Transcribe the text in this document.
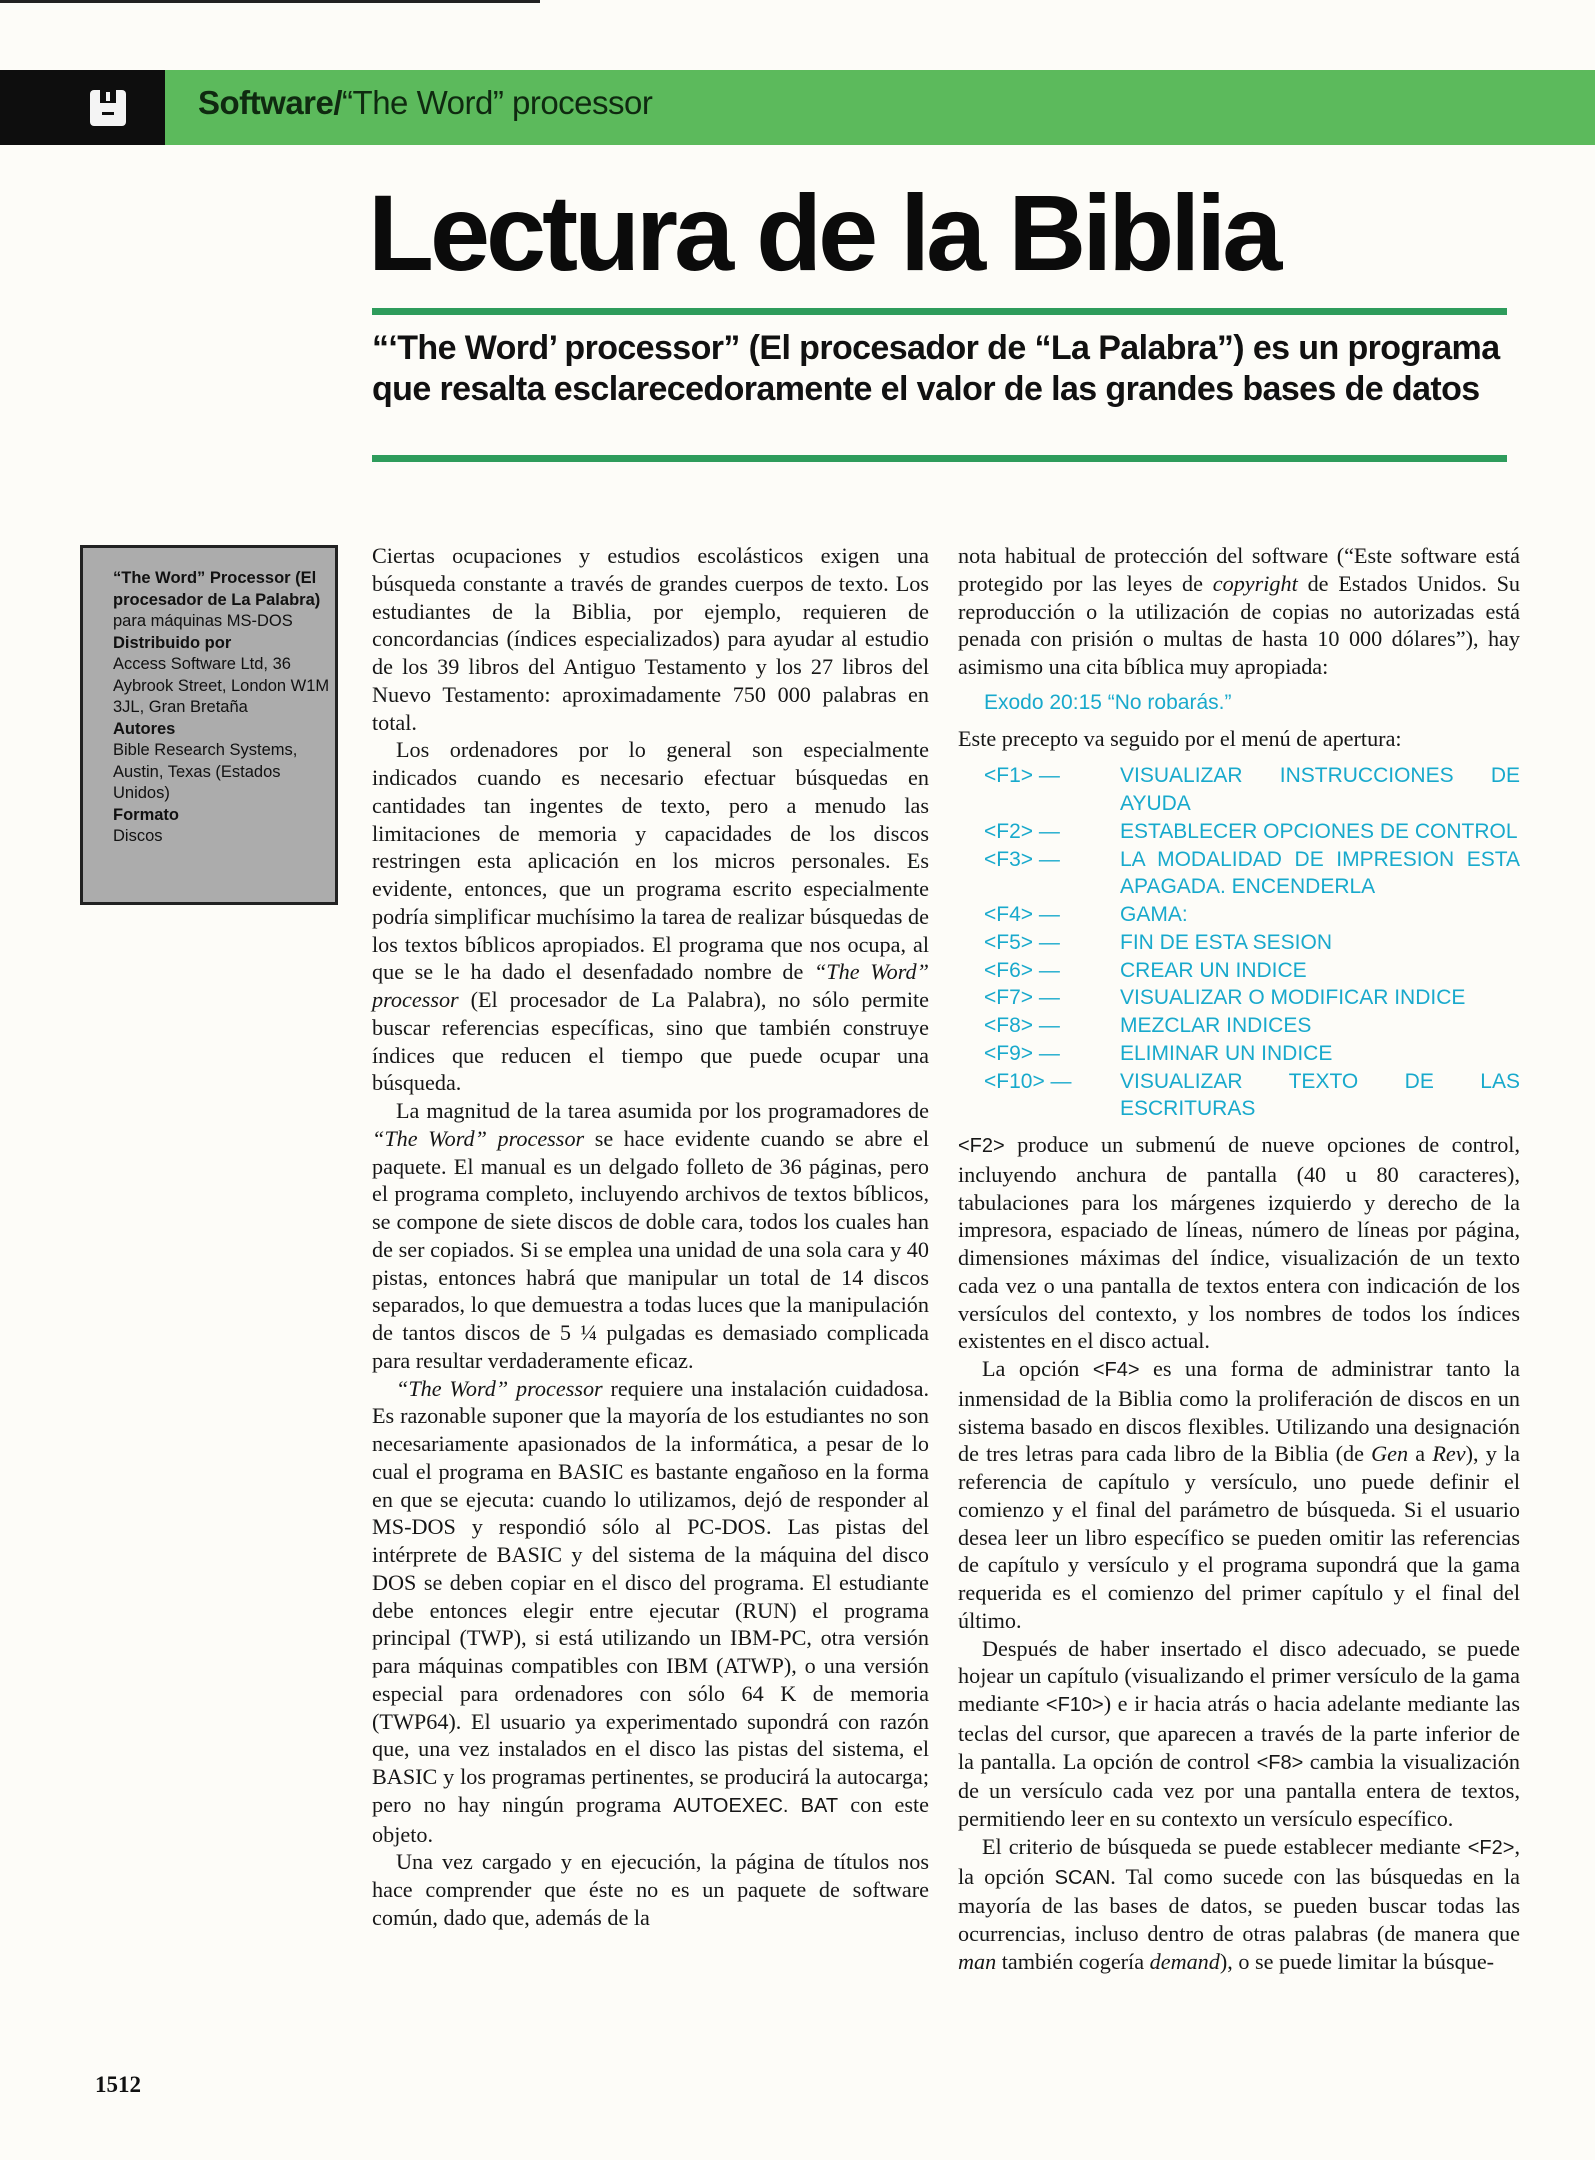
Software/“The Word” processor
Lectura de la Biblia
“‘The Word’ processor” (El procesador de “La Palabra”) es un programa que resalta esclarecedoramente el valor de las grandes bases de datos
“The Word” Processor (El procesador de La Palabra)
para máquinas MS-DOS
Distribuido por
Access Software Ltd, 36 Aybrook Street, London W1M 3JL, Gran Bretaña
Autores
Bible Research Systems, Austin, Texas (Estados Unidos)
Formato
Discos

Ciertas ocupaciones y estudios escolásticos exigen una búsqueda constante a través de grandes cuerpos de texto. Los estudiantes de la Biblia, por ejemplo, requieren de concordancias (índices especializados) para ayudar al estudio de los 39 libros del Antiguo Testamento y los 27 libros del Nuevo Testamento: aproximadamente 750 000 palabras en total.

Los ordenadores por lo general son especialmente indicados cuando es necesario efectuar búsquedas en cantidades tan ingentes de texto, pero a menudo las limitaciones de memoria y capacidades de los discos restringen esta aplicación en los micros personales. Es evidente, entonces, que un programa escrito especialmente podría simplificar muchísimo la tarea de realizar búsquedas de los textos bíblicos apropiados. El programa que nos ocupa, al que se le ha dado el desenfadado nombre de “The Word” processor (El procesador de La Palabra), no sólo permite buscar referencias específicas, sino que también construye índices que reducen el tiempo que puede ocupar una búsqueda.

La magnitud de la tarea asumida por los programadores de “The Word” processor se hace evidente cuando se abre el paquete. El manual es un delgado folleto de 36 páginas, pero el programa completo, incluyendo archivos de textos bíblicos, se compone de siete discos de doble cara, todos los cuales han de ser copiados. Si se emplea una unidad de una sola cara y 40 pistas, entonces habrá que manipular un total de 14 discos separados, lo que demuestra a todas luces que la manipulación de tantos discos de 5 ¼ pulgadas es demasiado complicada para resultar verdaderamente eficaz.

“The Word” processor requiere una instalación cuidadosa. Es razonable suponer que la mayoría de los estudiantes no son necesariamente apasionados de la informática, a pesar de lo cual el programa en BASIC es bastante engañoso en la forma en que se ejecuta: cuando lo utilizamos, dejó de responder al MS-DOS y respondió sólo al PC-DOS. Las pistas del intérprete de BASIC y del sistema de la máquina del disco DOS se deben copiar en el disco del programa. El estudiante debe entonces elegir entre ejecutar (RUN) el programa principal (TWP), si está utilizando un IBM-PC, otra versión para máquinas compatibles con IBM (ATWP), o una versión especial para ordenadores con sólo 64 K de memoria (TWP64). El usuario ya experimentado supondrá con razón que, una vez instalados en el disco las pistas del sistema, el BASIC y los programas pertinentes, se producirá la autocarga; pero no hay ningún programa AUTOEXEC. BAT con este objeto.

Una vez cargado y en ejecución, la página de títulos nos hace comprender que éste no es un paquete de software común, dado que, además de la

nota habitual de protección del software (“Este software está protegido por las leyes de copyright de Estados Unidos. Su reproducción o la utilización de copias no autorizadas está penada con prisión o multas de hasta 10 000 dólares”), hay asimismo una cita bíblica muy apropiada:

Exodo 20:15 “No robarás.”

Este precepto va seguido por el menú de apertura:

<F1> —	VISUALIZAR INSTRUCCIONES DE AYUDA
<F2> —	ESTABLECER OPCIONES DE CONTROL
<F3> —	LA MODALIDAD DE IMPRESION ESTA APAGADA. ENCENDERLA
<F4> —	GAMA:
<F5> —	FIN DE ESTA SESION
<F6> —	CREAR UN INDICE
<F7> —	VISUALIZAR O MODIFICAR INDICE
<F8> —	MEZCLAR INDICES
<F9> —	ELIMINAR UN INDICE
<F10> —	VISUALIZAR TEXTO DE LAS ESCRITURAS

<F2> produce un submenú de nueve opciones de control, incluyendo anchura de pantalla (40 u 80 caracteres), tabulaciones para los márgenes izquierdo y derecho de la impresora, espaciado de líneas, número de líneas por página, dimensiones máximas del índice, visualización de un texto cada vez o una pantalla de textos entera con indicación de los versículos del contexto, y los nombres de todos los índices existentes en el disco actual.

La opción <F4> es una forma de administrar tanto la inmensidad de la Biblia como la proliferación de discos en un sistema basado en discos flexibles. Utilizando una designación de tres letras para cada libro de la Biblia (de Gen a Rev), y la referencia de capítulo y versículo, uno puede definir el comienzo y el final del parámetro de búsqueda. Si el usuario desea leer un libro específico se pueden omitir las referencias de capítulo y versículo y el programa supondrá que la gama requerida es el comienzo del primer capítulo y el final del último.

Después de haber insertado el disco adecuado, se puede hojear un capítulo (visualizando el primer versículo de la gama mediante <F10>) e ir hacia atrás o hacia adelante mediante las teclas del cursor, que aparecen a través de la parte inferior de la pantalla. La opción de control <F8> cambia la visualización de un versículo cada vez por una pantalla entera de textos, permitiendo leer en su contexto un versículo específico.

El criterio de búsqueda se puede establecer mediante <F2>, la opción SCAN. Tal como sucede con las búsquedas en la mayoría de las bases de datos, se pueden buscar todas las ocurrencias, incluso dentro de otras palabras (de manera que man también cogería demand), o se puede limitar la búsque-

1512
